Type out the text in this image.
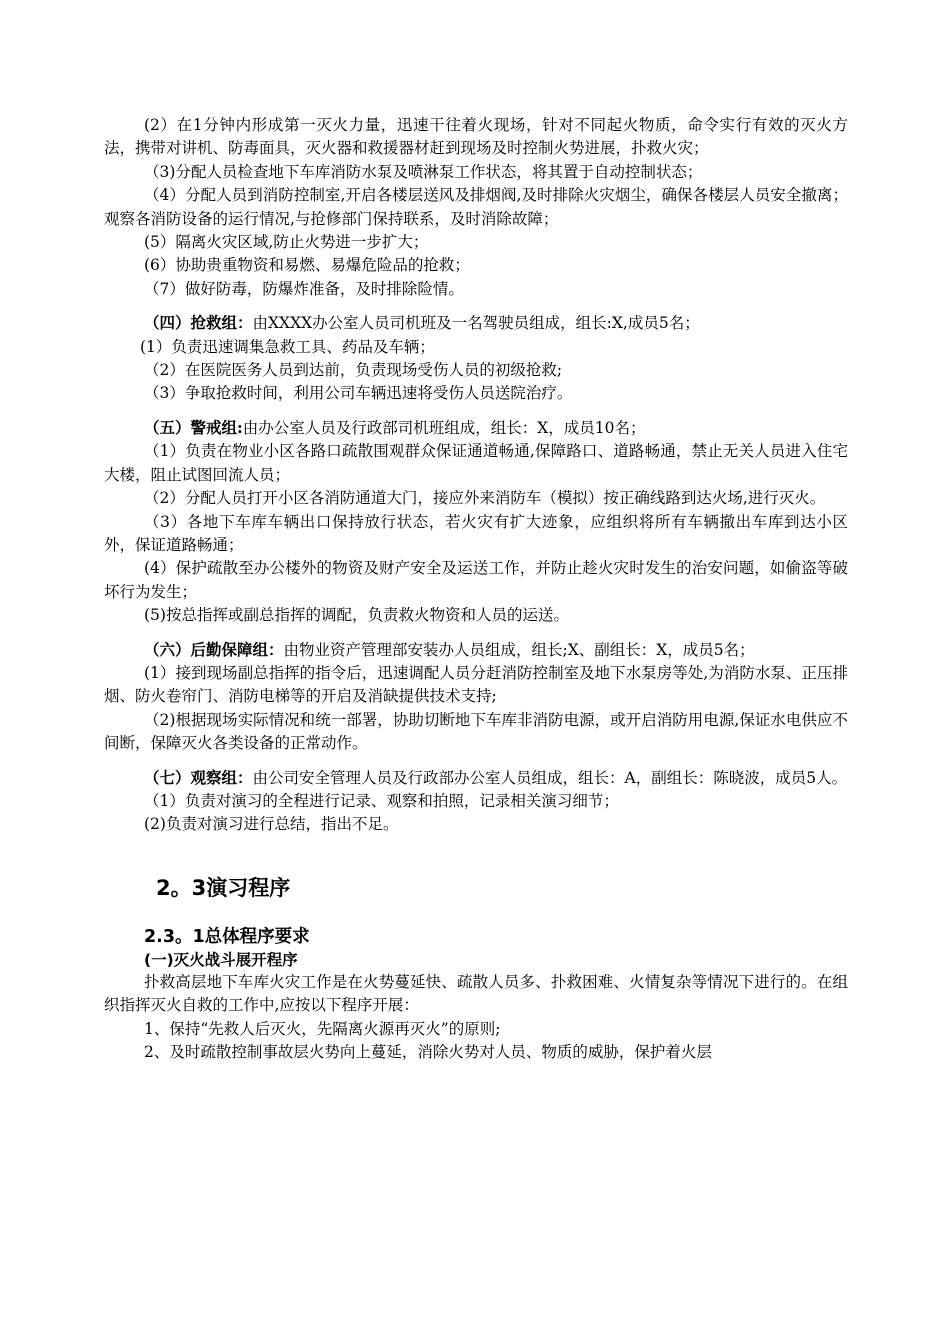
(2）在1分钟内形成第一灭火力量，迅速干往着火现场，针对不同起火物质，命令实行有效的灭火方法，携带对讲机、防毒面具，灭火器和救援器材赶到现场及时控制火势进展，扑救火灾；

（3)分配人员检查地下车库消防水泵及喷淋泵工作状态，将其置于自动控制状态；

（4）分配人员到消防控制室,开启各楼层送风及排烟阀,及时排除火灾烟尘，确保各楼层人员安全撤离；观察各消防设备的运行情况,与抢修部门保持联系，及时消除故障；

(5）隔离火灾区域,防止火势进一步扩大；

(6）协助贵重物资和易燃、易爆危险品的抢救；

（7）做好防毒，防爆炸准备，及时排除险情。

（四）抢救组：由XXXX办公室人员司机班及一名驾驶员组成，组长:X,成员5名；

(1）负责迅速调集急救工具、药品及车辆；

（2）在医院医务人员到达前，负责现场受伤人员的初级抢救;

（3）争取抢救时间，利用公司车辆迅速将受伤人员送院治疗。

（五）警戒组:由办公室人员及行政部司机班组成，组长：X，成员10名；

（1）负责在物业小区各路口疏散围观群众保证通道畅通,保障路口、道路畅通，禁止无关人员进入住宅大楼，阻止试图回流人员；

（2）分配人员打开小区各消防通道大门，接应外来消防车（模拟）按正确线路到达火场,进行灭火。

（3）各地下车库车辆出口保持放行状态，若火灾有扩大迹象，应组织将所有车辆撤出车库到达小区外，保证道路畅通；

(4）保护疏散至办公楼外的物资及财产安全及运送工作，并防止趁火灾时发生的治安问题，如偷盗等破坏行为发生；

(5)按总指挥或副总指挥的调配，负责救火物资和人员的运送。

（六）后勤保障组：由物业资产管理部安装办人员组成，组长;X、副组长：X，成员5名；

(1）接到现场副总指挥的指令后，迅速调配人员分赶消防控制室及地下水泵房等处,为消防水泵、正压排烟、防火卷帘门、消防电梯等的开启及消缺提供技术支持;

（2)根据现场实际情况和统一部署，协助切断地下车库非消防电源，或开启消防用电源,保证水电供应不间断，保障灭火各类设备的正常动作。

（七）观察组：由公司安全管理人员及行政部办公室人员组成，组长：A，副组长：陈晓波，成员5人。

（1）负责对演习的全程进行记录、观察和拍照，记录相关演习细节；

(2)负责对演习进行总结，指出不足。

2。3演习程序
2.3。1总体程序要求
(一)灭火战斗展开程序

扑救高层地下车库火灾工作是在火势蔓延快、疏散人员多、扑救困难、火情复杂等情况下进行的。在组织指挥灭火自救的工作中,应按以下程序开展：

1、保持“先救人后灭火，先隔离火源再灭火”的原则;

2、及时疏散控制事故层火势向上蔓延，消除火势对人员、物质的威胁，保护着火层
